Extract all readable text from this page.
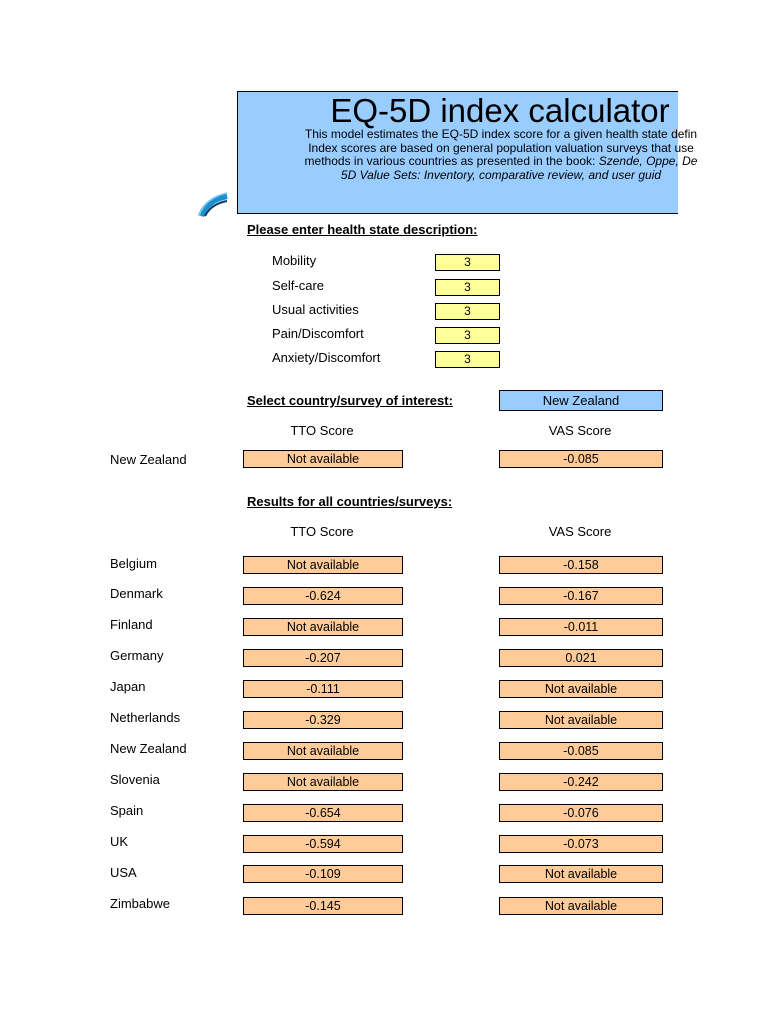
EQ-5D index calculator
This model estimates the EQ-5D index score for a given health state defin
Index scores are based on general population valuation surveys that use
methods in various countries as presented in the book: Szende, Oppe, De
5D Value Sets: Inventory, comparative review, and user guid
Please enter health state description:
Mobility	3
Self-care	3
Usual activities	3
Pain/Discomfort	3
Anxiety/Discomfort	3
Select country/survey of interest:	New Zealand
TTO Score	VAS Score
New Zealand	Not available	-0.085
Results for all countries/surveys:
TTO Score	VAS Score
Belgium	Not available	-0.158
Denmark	-0.624	-0.167
Finland	Not available	-0.011
Germany	-0.207	0.021
Japan	-0.111	Not available
Netherlands	-0.329	Not available
New Zealand	Not available	-0.085
Slovenia	Not available	-0.242
Spain	-0.654	-0.076
UK	-0.594	-0.073
USA	-0.109	Not available
Zimbabwe	-0.145	Not available
